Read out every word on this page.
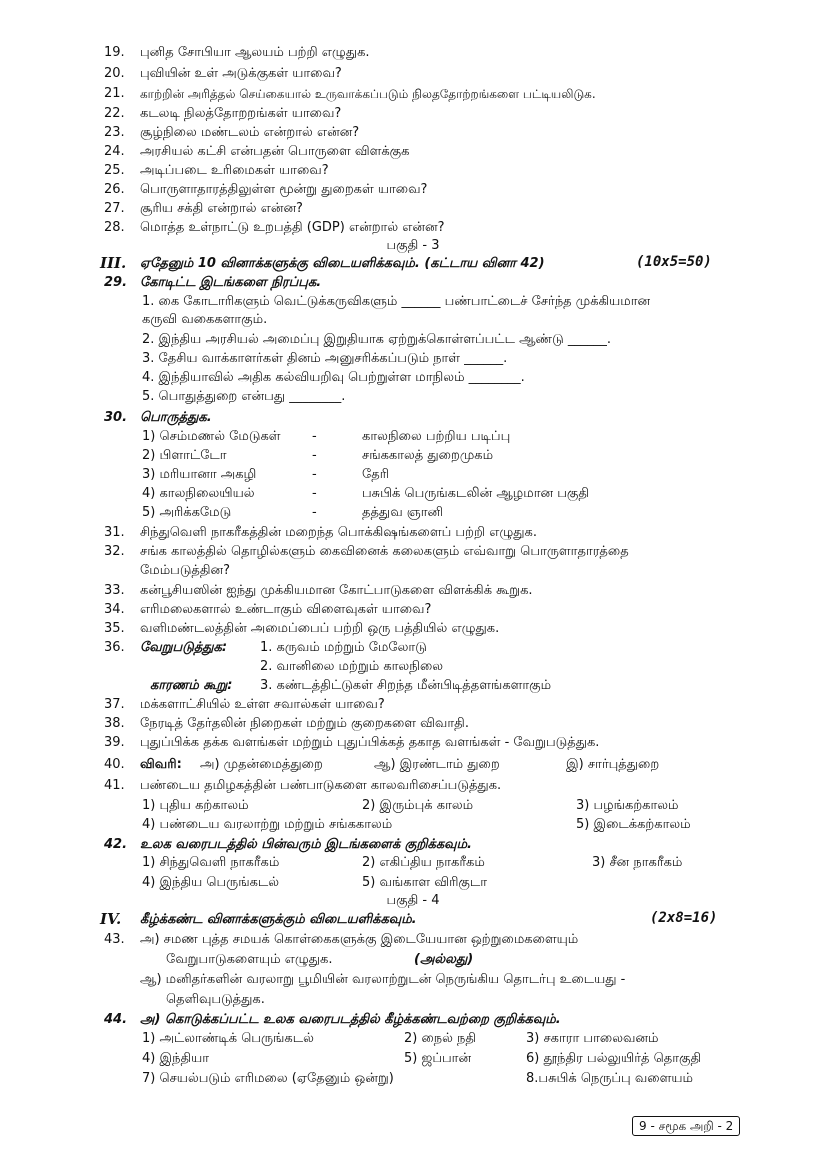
19. புனித சோபியா ஆலயம் பற்றி எழுதுக.
20. புவியின் உள் அடுக்குகள் யாவை?
21. காற்றின் அரித்தல் செய்கையால் உருவாக்கப்படும் நிலததோற்றங்களை பட்டியலிடுக.
22. கடலடி நிலத்தோறறங்கள் யாவை?
23. சூழ்நிலை மண்டலம் என்றால் என்ன?
24. அரசியல் கட்சி என்பதன் பொருளை விளக்குக
25. அடிப்படை உரிமைகள் யாவை?
26. பொருளாதாரத்திலுள்ள மூன்று துறைகள் யாவை?
27. சூரிய சக்தி என்றால் என்ன?
28. மொத்த உள்நாட்டு உறபத்தி (GDP) என்றால் என்ன?
பகுதி - 3
III. ஏதேனும் 10 வினாக்களுக்கு விடையளிக்கவும். (கட்டாய வினா 42)	(10x5=50)
29. கோடிட்ட இடங்களை நிரப்புக.
1. கை கோடாரிகளும் வெட்டுக்கருவிகளும் ______ பண்பாட்டைச் சேர்ந்த முக்கியமான
கருவி வகைகளாகும்.
2. இந்திய அரசியல் அமைப்பு இறுதியாக ஏற்றுக்கொள்ளப்பட்ட ஆண்டு ______.
3. தேசிய வாக்காளர்கள் தினம் அனுசரிக்கப்படும் நாள் ______.
4. இந்தியாவில் அதிக கல்வியறிவு பெற்றுள்ள மாநிலம் ________.
5. பொதுத்துறை என்பது ________.
30. பொருத்துக.
1) செம்மணல் மேடுகள் -	காலநிலை பற்றிய படிப்பு
2) பிளாட்டோ	-	சங்ககாலத் துறைமுகம்
3) மரியானா அகழி	-	தேரி
4) காலநிலையியல்	-	பசுபிக் பெருங்கடலின் ஆழமான பகுதி
5) அரிக்கமேடு	-	தத்துவ ஞானி
31. சிந்துவெளி நாகரீகத்தின் மறைந்த பொக்கிஷங்களைப் பற்றி எழுதுக.
32. சங்க காலத்தில் தொழில்களும் கைவினைக் கலைகளும் எவ்வாறு பொருளாதாரத்தை
மேம்படுத்தின?
33. கன்பூசியஸின் ஐந்து முக்கியமான கோட்பாடுகளை விளக்கிக் கூறுக.
34. எரிமலைகளால் உண்டாகும் விளைவுகள் யாவை?
35. வளிமண்டலத்தின் அமைப்பைப் பற்றி ஒரு பத்தியில் எழுதுக.
36. வேறுபடுத்துக:	1. கருவம் மற்றும் மேலோடு
2. வானிலை மற்றும் காலநிலை
காரணம் கூறு: 3. கண்டத்திட்டுகள் சிறந்த மீன்பிடித்தளங்களாகும்
37. மக்களாட்சியில் உள்ள சவால்கள் யாவை?
38. நேரடித் தேர்தலின் நிறைகள் மற்றும் குறைகளை விவாதி.
39. புதுப்பிக்க தக்க வளங்கள் மற்றும் புதுப்பிக்கத் தகாத வளங்கள் - வேறுபடுத்துக.
40. விவரி: அ) முதன்மைத்துறை	ஆ) இரண்டாம் துறை	இ) சார்புத்துறை
41. பண்டைய தமிழகத்தின் பண்பாடுகளை காலவரிசைப்படுத்துக.
1) புதிய கற்காலம்	2) இரும்புக் காலம்	3) பழங்கற்காலம்
4) பண்டைய வரலாற்று மற்றும் சங்ககாலம்	5) இடைக்கற்காலம்
42. உலக வரைபடத்தில் பின்வரும் இடங்களைக் குறிக்கவும்.
1) சிந்துவெளி நாகரீகம்	2) எகிப்திய நாகரீகம்	3) சீன நாகரீகம்
4) இந்திய பெருங்கடல்	5) வங்காள விரிகுடா
பகுதி - 4
IV. கீழ்க்கண்ட வினாக்களுக்கும் விடையளிக்கவும்.	(2x8=16)
43. அ) சமண புத்த சமயக் கொள்கைகளுக்கு இடையேயான ஒற்றுமைகளையும்
வேறுபாடுகளையும் எழுதுக.	(அல்லது)
ஆ) மனிதர்களின் வரலாறு பூமியின் வரலாற்றுடன் நெருங்கிய தொடர்பு உடையது -
தெளிவுபடுத்துக.
44. அ) கொடுக்கப்பட்ட உலக வரைபடத்தில் கீழ்க்கண்டவற்றை குறிக்கவும்.
1) அட்லாண்டிக் பெருங்கடல்	2) நைல் நதி	3) சகாரா பாலைவனம்
4) இந்தியா	5) ஜப்பான்	6) தூந்திர பல்லுயிர்த் தொகுதி
7) செயல்படும் எரிமலை (ஏதேனும் ஒன்று)	8.பசுபிக் நெருப்பு வளையம்
9 - சமூக அறி - 2
